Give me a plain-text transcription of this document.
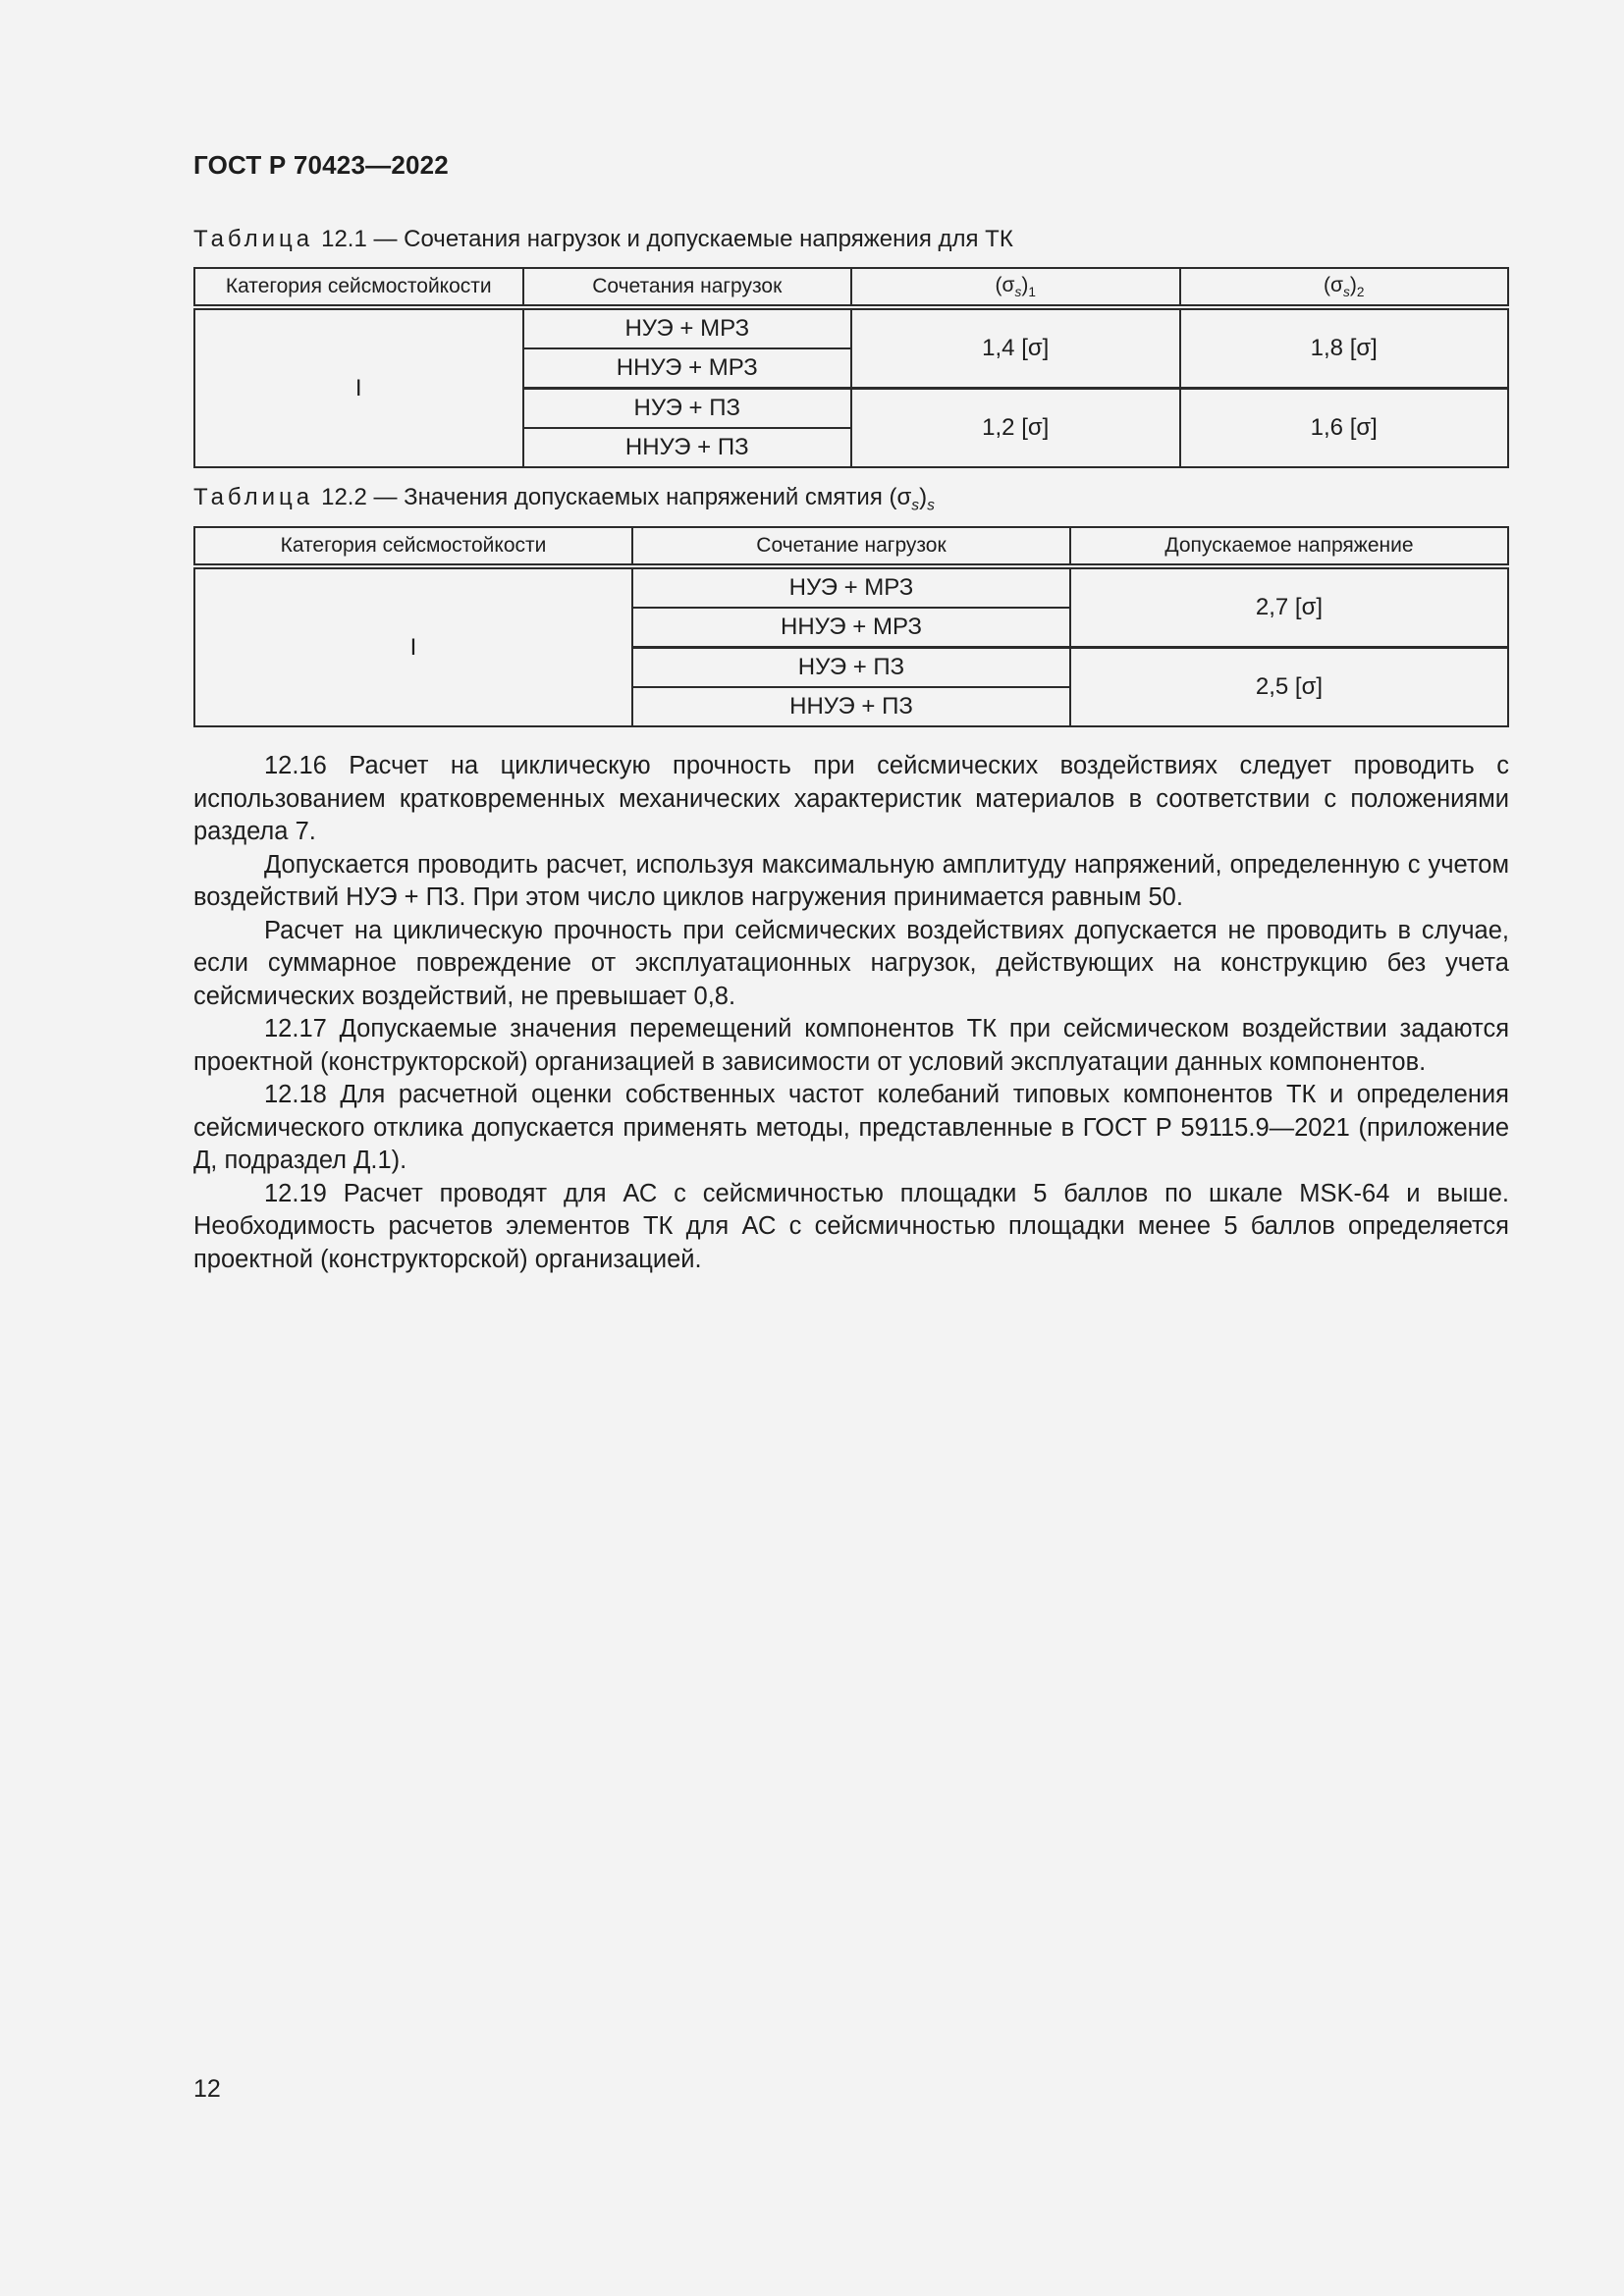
ГОСТ Р 70423—2022
Таблица 12.1 — Сочетания нагрузок и допускаемые напряжения для ТК
Категория сейсмостойкости	Сочетания нагрузок	$(\sigma_s)_1$	$(\sigma_s)_2$
I	НУЭ + МРЗ	1,4 [σ]	1,8 [σ]
	ННУЭ + МРЗ		
	НУЭ + ПЗ	1,2 [σ]	1,6 [σ]
	ННУЭ + ПЗ		
Таблица 12.2 — Значения допускаемых напряжений смятия $(\sigma_s)_s$
Категория сейсмостойкости	Сочетание нагрузок	Допускаемое напряжение
I	НУЭ + МРЗ	2,7 [σ]
	ННУЭ + МРЗ	
	НУЭ + ПЗ	2,5 [σ]
	ННУЭ + ПЗ	

12.16 Расчет на циклическую прочность при сейсмических воздействиях следует проводить с использованием кратковременных механических характеристик материалов в соответствии с положениями раздела 7.

Допускается проводить расчет, используя максимальную амплитуду напряжений, определенную с учетом воздействий НУЭ + ПЗ. При этом число циклов нагружения принимается равным 50.

Расчет на циклическую прочность при сейсмических воздействиях допускается не проводить в случае, если суммарное повреждение от эксплуатационных нагрузок, действующих на конструкцию без учета сейсмических воздействий, не превышает 0,8.

12.17 Допускаемые значения перемещений компонентов ТК при сейсмическом воздействии задаются проектной (конструкторской) организацией в зависимости от условий эксплуатации данных компонентов.

12.18 Для расчетной оценки собственных частот колебаний типовых компонентов ТК и определения сейсмического отклика допускается применять методы, представленные в ГОСТ Р 59115.9—2021 (приложение Д, подраздел Д.1).

12.19 Расчет проводят для АС с сейсмичностью площадки 5 баллов по шкале MSK-64 и выше. Необходимость расчетов элементов ТК для АС с сейсмичностью площадки менее 5 баллов определяется проектной (конструкторской) организацией.

12
